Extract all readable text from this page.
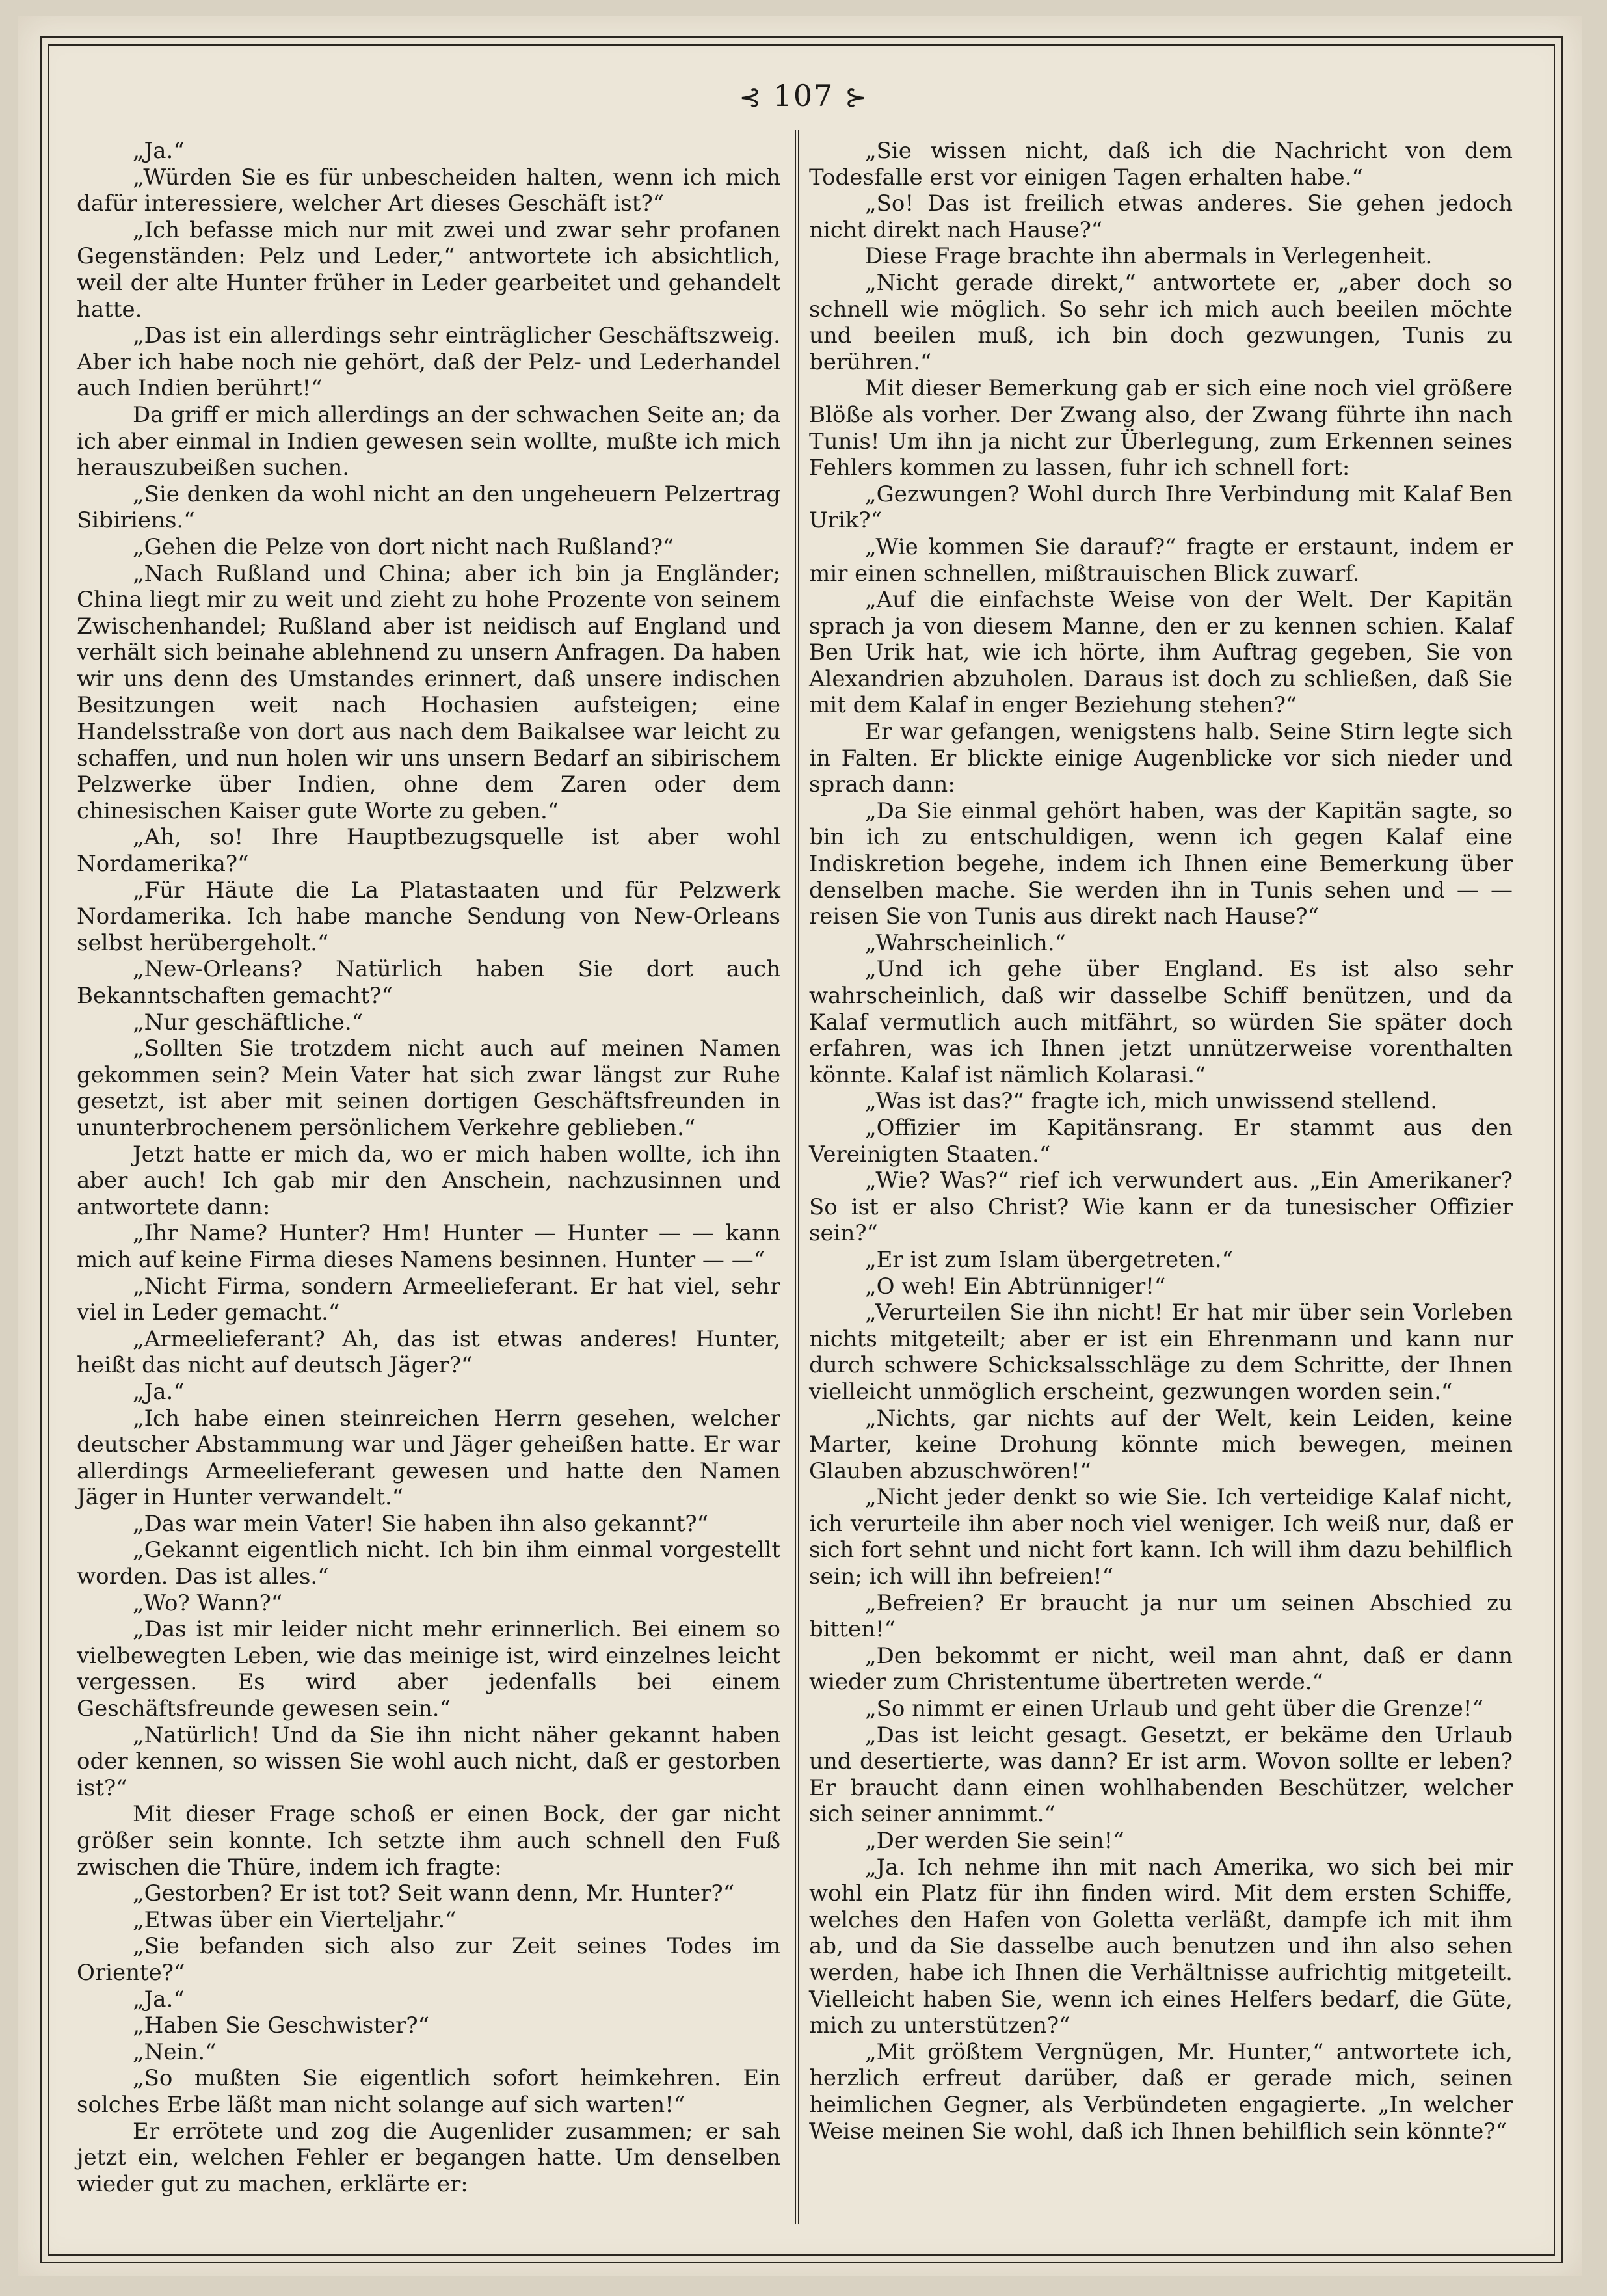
⊰ 107 ⊱

„Ja.“

„Würden Sie es für unbescheiden halten, wenn ich mich dafür interessiere, welcher Art dieses Geschäft ist?“

„Ich befasse mich nur mit zwei und zwar sehr profanen Gegenständen: Pelz und Leder,“ antwortete ich absichtlich, weil der alte Hunter früher in Leder gearbeitet und gehandelt hatte.

„Das ist ein allerdings sehr einträglicher Geschäftszweig. Aber ich habe noch nie gehört, daß der Pelz- und Lederhandel auch Indien berührt!“

Da griff er mich allerdings an der schwachen Seite an; da ich aber einmal in Indien gewesen sein wollte, mußte ich mich herauszubeißen suchen.

„Sie denken da wohl nicht an den ungeheuern Pelzertrag Sibiriens.“

„Gehen die Pelze von dort nicht nach Rußland?“

„Nach Rußland und China; aber ich bin ja Engländer; China liegt mir zu weit und zieht zu hohe Prozente von seinem Zwischenhandel; Rußland aber ist neidisch auf England und verhält sich beinahe ablehnend zu unsern Anfragen. Da haben wir uns denn des Umstandes erinnert, daß unsere indischen Besitzungen weit nach Hochasien aufsteigen; eine Handelsstraße von dort aus nach dem Baikalsee war leicht zu schaffen, und nun holen wir uns unsern Bedarf an sibirischem Pelzwerke über Indien, ohne dem Zaren oder dem chinesischen Kaiser gute Worte zu geben.“

„Ah, so! Ihre Hauptbezugsquelle ist aber wohl Nordamerika?“

„Für Häute die La Platastaaten und für Pelzwerk Nordamerika. Ich habe manche Sendung von New-Orleans selbst herübergeholt.“

„New-Orleans? Natürlich haben Sie dort auch Bekanntschaften gemacht?“

„Nur geschäftliche.“

„Sollten Sie trotzdem nicht auch auf meinen Namen gekommen sein? Mein Vater hat sich zwar längst zur Ruhe gesetzt, ist aber mit seinen dortigen Geschäftsfreunden in ununterbrochenem persönlichem Verkehre geblieben.“

Jetzt hatte er mich da, wo er mich haben wollte, ich ihn aber auch! Ich gab mir den Anschein, nachzusinnen und antwortete dann:

„Ihr Name? Hunter? Hm! Hunter — Hunter — — kann mich auf keine Firma dieses Namens besinnen. Hunter — —“

„Nicht Firma, sondern Armeelieferant. Er hat viel, sehr viel in Leder gemacht.“

„Armeelieferant? Ah, das ist etwas anderes! Hunter, heißt das nicht auf deutsch Jäger?“

„Ja.“

„Ich habe einen steinreichen Herrn gesehen, welcher deutscher Abstammung war und Jäger geheißen hatte. Er war allerdings Armeelieferant gewesen und hatte den Namen Jäger in Hunter verwandelt.“

„Das war mein Vater! Sie haben ihn also gekannt?“

„Gekannt eigentlich nicht. Ich bin ihm einmal vorgestellt worden. Das ist alles.“

„Wo? Wann?“

„Das ist mir leider nicht mehr erinnerlich. Bei einem so vielbewegten Leben, wie das meinige ist, wird einzelnes leicht vergessen. Es wird aber jedenfalls bei einem Geschäftsfreunde gewesen sein.“

„Natürlich! Und da Sie ihn nicht näher gekannt haben oder kennen, so wissen Sie wohl auch nicht, daß er gestorben ist?“

Mit dieser Frage schoß er einen Bock, der gar nicht größer sein konnte. Ich setzte ihm auch schnell den Fuß zwischen die Thüre, indem ich fragte:

„Gestorben? Er ist tot? Seit wann denn, Mr. Hunter?“

„Etwas über ein Vierteljahr.“

„Sie befanden sich also zur Zeit seines Todes im Oriente?“

„Ja.“

„Haben Sie Geschwister?“

„Nein.“

„So mußten Sie eigentlich sofort heimkehren. Ein solches Erbe läßt man nicht solange auf sich warten!“

Er errötete und zog die Augenlider zusammen; er sah jetzt ein, welchen Fehler er begangen hatte. Um denselben wieder gut zu machen, erklärte er:

„Sie wissen nicht, daß ich die Nachricht von dem Todesfalle erst vor einigen Tagen erhalten habe.“

„So! Das ist freilich etwas anderes. Sie gehen jedoch nicht direkt nach Hause?“

Diese Frage brachte ihn abermals in Verlegenheit.

„Nicht gerade direkt,“ antwortete er, „aber doch so schnell wie möglich. So sehr ich mich auch beeilen möchte und beeilen muß, ich bin doch gezwungen, Tunis zu berühren.“

Mit dieser Bemerkung gab er sich eine noch viel größere Blöße als vorher. Der Zwang also, der Zwang führte ihn nach Tunis! Um ihn ja nicht zur Überlegung, zum Erkennen seines Fehlers kommen zu lassen, fuhr ich schnell fort:

„Gezwungen? Wohl durch Ihre Verbindung mit Kalaf Ben Urik?“

„Wie kommen Sie darauf?“ fragte er erstaunt, indem er mir einen schnellen, mißtrauischen Blick zuwarf.

„Auf die einfachste Weise von der Welt. Der Kapitän sprach ja von diesem Manne, den er zu kennen schien. Kalaf Ben Urik hat, wie ich hörte, ihm Auftrag gegeben, Sie von Alexandrien abzuholen. Daraus ist doch zu schließen, daß Sie mit dem Kalaf in enger Beziehung stehen?“

Er war gefangen, wenigstens halb. Seine Stirn legte sich in Falten. Er blickte einige Augenblicke vor sich nieder und sprach dann:

„Da Sie einmal gehört haben, was der Kapitän sagte, so bin ich zu entschuldigen, wenn ich gegen Kalaf eine Indiskretion begehe, indem ich Ihnen eine Bemerkung über denselben mache. Sie werden ihn in Tunis sehen und — — reisen Sie von Tunis aus direkt nach Hause?“

„Wahrscheinlich.“

„Und ich gehe über England. Es ist also sehr wahrscheinlich, daß wir dasselbe Schiff benützen, und da Kalaf vermutlich auch mitfährt, so würden Sie später doch erfahren, was ich Ihnen jetzt unnützerweise vorenthalten könnte. Kalaf ist nämlich Kolarasi.“

„Was ist das?“ fragte ich, mich unwissend stellend.

„Offizier im Kapitänsrang. Er stammt aus den Vereinigten Staaten.“

„Wie? Was?“ rief ich verwundert aus. „Ein Amerikaner? So ist er also Christ? Wie kann er da tunesischer Offizier sein?“

„Er ist zum Islam übergetreten.“

„O weh! Ein Abtrünniger!“

„Verurteilen Sie ihn nicht! Er hat mir über sein Vorleben nichts mitgeteilt; aber er ist ein Ehrenmann und kann nur durch schwere Schicksalsschläge zu dem Schritte, der Ihnen vielleicht unmöglich erscheint, gezwungen worden sein.“

„Nichts, gar nichts auf der Welt, kein Leiden, keine Marter, keine Drohung könnte mich bewegen, meinen Glauben abzuschwören!“

„Nicht jeder denkt so wie Sie. Ich verteidige Kalaf nicht, ich verurteile ihn aber noch viel weniger. Ich weiß nur, daß er sich fort sehnt und nicht fort kann. Ich will ihm dazu behilflich sein; ich will ihn befreien!“

„Befreien? Er braucht ja nur um seinen Abschied zu bitten!“

„Den bekommt er nicht, weil man ahnt, daß er dann wieder zum Christentume übertreten werde.“

„So nimmt er einen Urlaub und geht über die Grenze!“

„Das ist leicht gesagt. Gesetzt, er bekäme den Urlaub und desertierte, was dann? Er ist arm. Wovon sollte er leben? Er braucht dann einen wohlhabenden Beschützer, welcher sich seiner annimmt.“

„Der werden Sie sein!“

„Ja. Ich nehme ihn mit nach Amerika, wo sich bei mir wohl ein Platz für ihn finden wird. Mit dem ersten Schiffe, welches den Hafen von Goletta verläßt, dampfe ich mit ihm ab, und da Sie dasselbe auch benutzen und ihn also sehen werden, habe ich Ihnen die Verhältnisse aufrichtig mitgeteilt. Vielleicht haben Sie, wenn ich eines Helfers bedarf, die Güte, mich zu unterstützen?“

„Mit größtem Vergnügen, Mr. Hunter,“ antwortete ich, herzlich erfreut darüber, daß er gerade mich, seinen heimlichen Gegner, als Verbündeten engagierte. „In welcher Weise meinen Sie wohl, daß ich Ihnen behilflich sein könnte?“
